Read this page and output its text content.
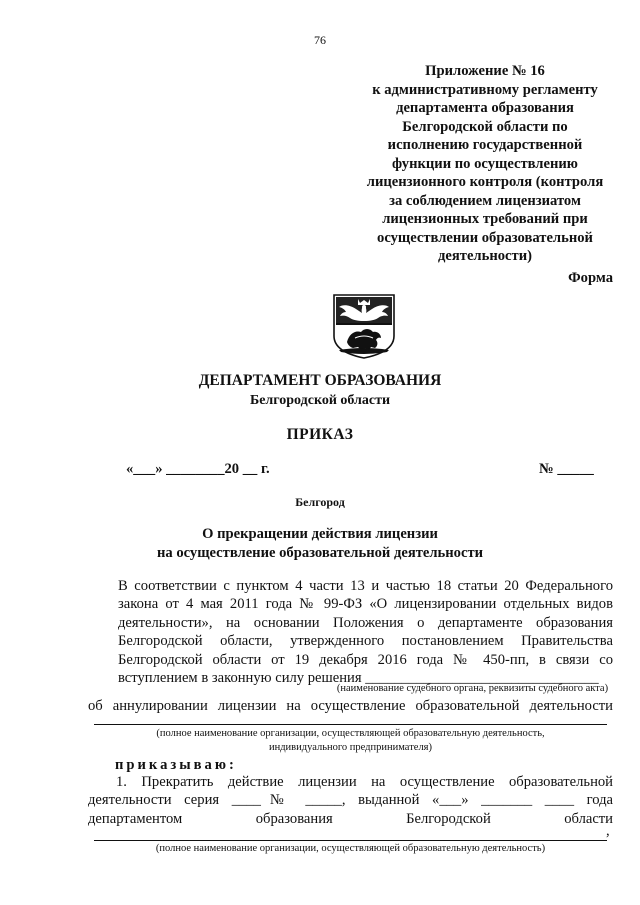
76
Приложение № 16
к административному регламенту
департамента образования
Белгородской области по
исполнению государственной
функции по осуществлению
лицензионного контроля (контроля
за соблюдением лицензиатом
лицензионных требований при
осуществлении образовательной
деятельности)
Форма
ДЕПАРТАМЕНТ ОБРАЗОВАНИЯ
Белгородской области
ПРИКАЗ
«___» ________20 __ г.	№ _____
Белгород
О прекращении действия лицензии
на осуществление образовательной деятельности
В соответствии с пунктом 4 части 13 и частью 18 статьи 20 Федерального
закона от 4 мая 2011 года № 99-ФЗ «О лицензировании отдельных видов
деятельности», на основании Положения о департаменте образования
Белгородской области, утвержденного постановлением Правительства
Белгородской области от 19 декабря 2016 года № 450-пп, в связи со
вступлением в законную силу решения ________________________________
(наименование судебного органа, реквизиты судебного акта)
об аннулировании лицензии на осуществление образовательной деятельности
(полное наименование организации, осуществляющей образовательную деятельность,
индивидуального предпринимателя)
приказываю:
1. Прекратить действие лицензии на осуществление образовательной
деятельности серия ____№ _____, выданной «___» _______ ____ года
департаментом образования Белгородской области
,
(полное наименование организации, осуществляющей образовательную деятельность)
